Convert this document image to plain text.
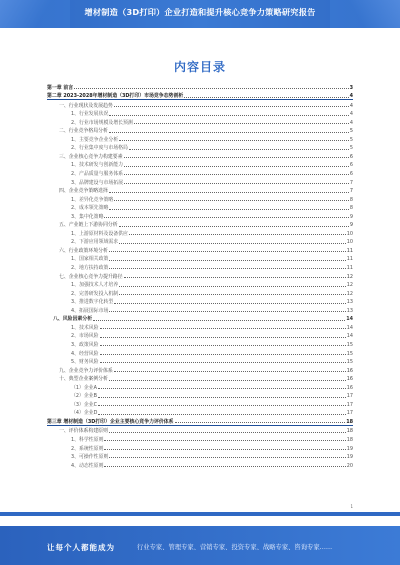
增材制造（3D打印）企业打造和提升核心竞争力策略研究报告
内容目录
第一章 前言	3
第二章 2023-2028年增材制造（3D打印）市场竞争态势剖析	4
一、行业现状及发展趋势	4
1、行业发展状况	4
2、行业市场规模及增长预测	4
二、行业竞争格局分析	5
1、主要竞争企业分析	5
2、行业集中度与市场格局	5
三、企业核心竞争力构建要素	6
1、技术研发与创新能力	6
2、产品质量与服务体系	6
3、品牌建设与市场拓展	7
四、企业竞争策略选择	7
1、差异化竞争策略	8
2、成本领先策略	8
3、集中化策略	9
五、产业链上下游协同分析	9
1、上游原材料及设备供应	10
2、下游应用领域需求	10
六、行业政策环境分析	11
1、国家相关政策	11
2、地方扶持政策	11
七、企业核心竞争力提升路径	12
1、加强技术人才培养	12
2、完善研发投入机制	12
3、推进数字化转型	13
4、拓展国际市场	13
八、风险因素分析	14
1、技术风险	14
2、市场风险	14
3、政策风险	15
4、经营风险	15
5、财务风险	15
九、企业竞争力评价体系	16
十、典型企业案例分析	16
（1）企业A	16
（2）企业B	17
（3）企业C	17
（4）企业D	17
第三章 增材制造（3D打印）企业主要核心竞争力评价体系	18
一、评价体系构建原则	18
1、科学性原则	18
2、系统性原则	19
3、可操作性原则	19
4、动态性原则	20
1
让每个人都能成为	行业专家、管理专家、营销专家、投资专家、战略专家、咨询专家……
